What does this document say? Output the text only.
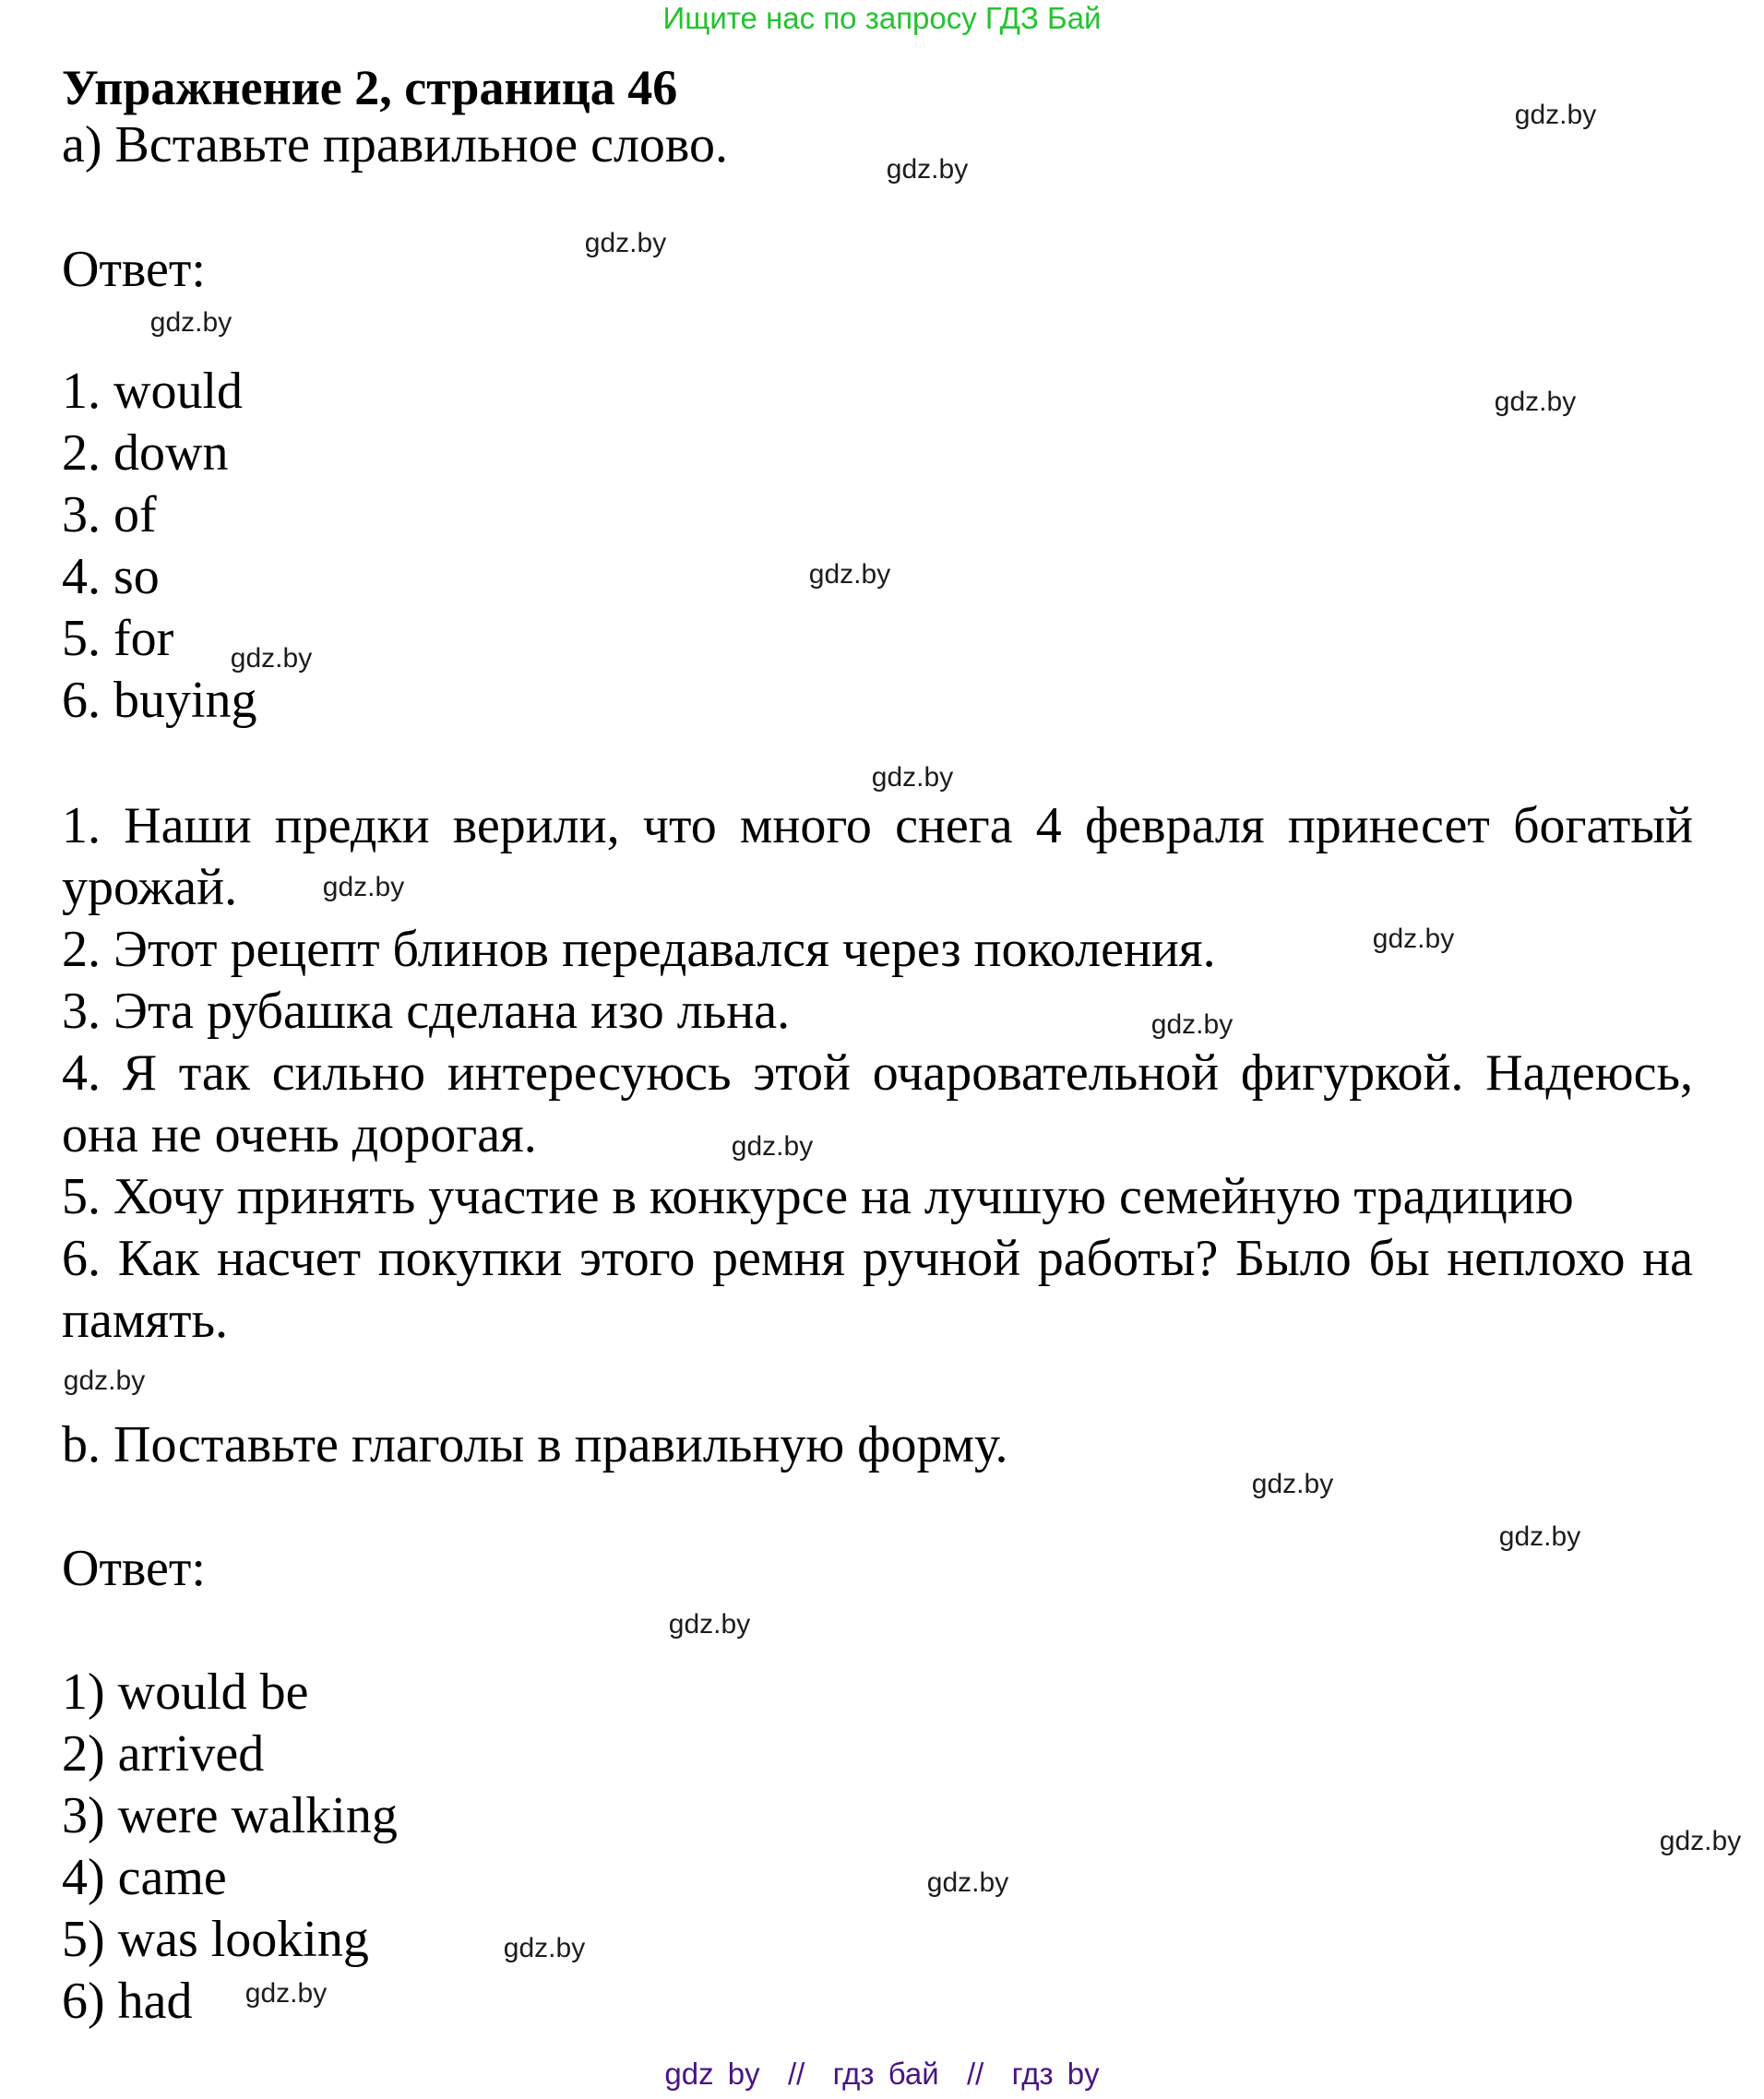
Ищите нас по запросу ГДЗ Бай
Упражнение 2, страница 46
a) Вставьте правильное слово.
Ответ:
1. would
2. down
3. of
4. so
5. for
6. buying

1. Наши предки верили, что много снега 4 февраля принесет богатый урожай.

2. Этот рецепт блинов передавался через поколения.

3. Эта рубашка сделана изо льна.

4. Я так сильно интересуюсь этой очаровательной фигуркой. Надеюсь, она не очень дорогая.

5. Хочу принять участие в конкурсе на лучшую семейную традицию

6. Как насчет покупки этого ремня ручной работы? Было бы неплохо на память.

b. Поставьте глаголы в правильную форму.
Ответ:
1) would be
2) arrived
3) were walking
4) came
5) was looking
6) had
gdz.by
gdz.by
gdz.by
gdz.by
gdz.by
gdz.by
gdz.by
gdz.by
gdz.by
gdz.by
gdz.by
gdz.by
gdz.by
gdz.by
gdz.by
gdz.by
gdz.by
gdz.by
gdz.by
gdz.by
gdz by  //  гдз бай  //  гдз by
